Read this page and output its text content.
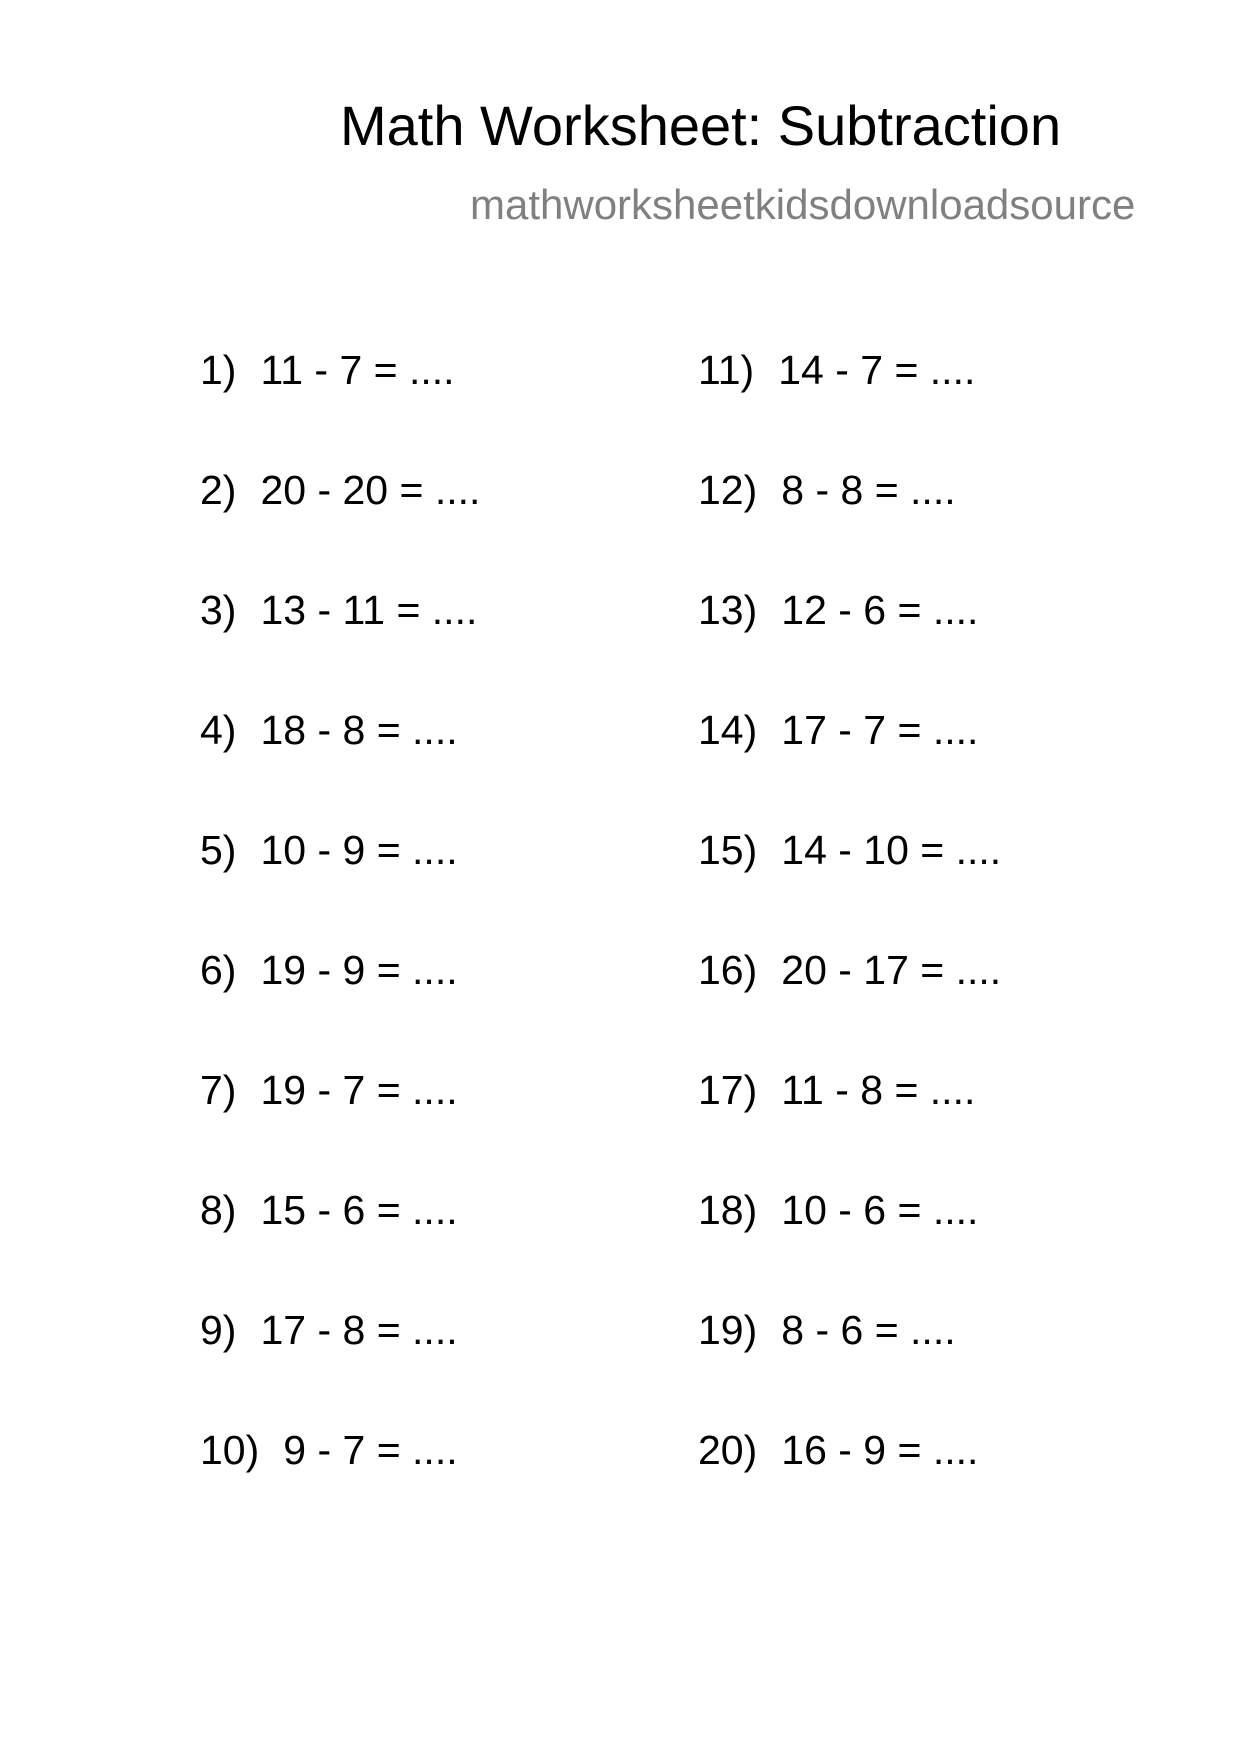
Math Worksheet: Subtraction
mathworksheetkidsdownloadsource
1) 11 - 7 = ....
2) 20 - 20 = ....
3) 13 - 11 = ....
4) 18 - 8 = ....
5) 10 - 9 = ....
6) 19 - 9 = ....
7) 19 - 7 = ....
8) 15 - 6 = ....
9) 17 - 8 = ....
10) 9 - 7 = ....
11) 14 - 7 = ....
12) 8 - 8 = ....
13) 12 - 6 = ....
14) 17 - 7 = ....
15) 14 - 10 = ....
16) 20 - 17 = ....
17) 11 - 8 = ....
18) 10 - 6 = ....
19) 8 - 6 = ....
20) 16 - 9 = ....
